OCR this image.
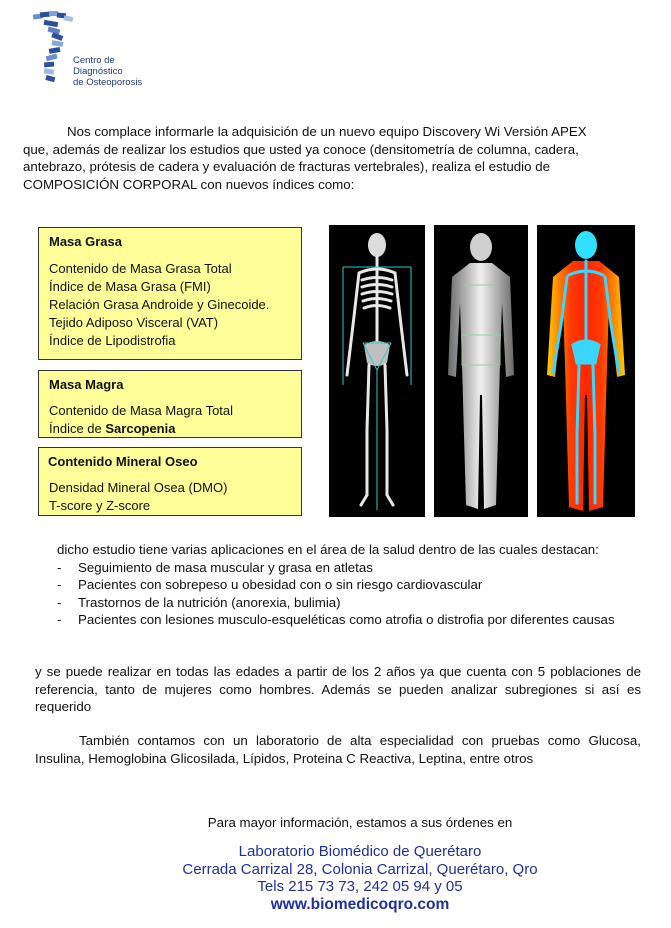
Centro de
Diagnóstico
de Osteoporosis
Nos complace informarle la adquisición de un nuevo equipo Discovery Wi Versión APEX
que, además de realizar los estudios que usted ya conoce (densitometría de columna, cadera,
antebrazo, prótesis de cadera y evaluación de fracturas vertebrales), realiza el estudio de
COMPOSICIÓN CORPORAL con nuevos índices como:
Masa Grasa
Contenido de Masa Grasa Total
Índice de Masa Grasa (FMI)
Relación Grasa Androide y Ginecoide.
Tejido Adiposo Visceral (VAT)
Índice de Lipodistrofia
Masa Magra
Contenido de Masa Magra Total
Índice de Sarcopenia
Contenido Mineral Oseo
Densidad Mineral Osea (DMO)
T-score y Z-score
dicho estudio tiene varias aplicaciones en el área de la salud dentro de las cuales destacan:
- Seguimiento de masa muscular y grasa en atletas
- Pacientes con sobrepeso u obesidad con o sin riesgo cardiovascular
- Trastornos de la nutrición (anorexia, bulimia)
- Pacientes con lesiones musculo-esqueléticas como atrofia o distrofia por diferentes causas
y se puede realizar en todas las edades a partir de los 2 años ya que cuenta con 5 poblaciones de referencia, tanto de mujeres como hombres. Además se pueden analizar subregiones si así es requerido
También contamos con un laboratorio de alta especialidad con pruebas como Glucosa, Insulina, Hemoglobina Glicosilada, Lípidos, Proteina C Reactiva, Leptina, entre otros
Para mayor información, estamos a sus órdenes en
Laboratorio Biomédico de Querétaro
Cerrada Carrizal 28, Colonia Carrizal, Querétaro, Qro
Tels 215 73 73, 242 05 94 y 05
www.biomedicoqro.com
